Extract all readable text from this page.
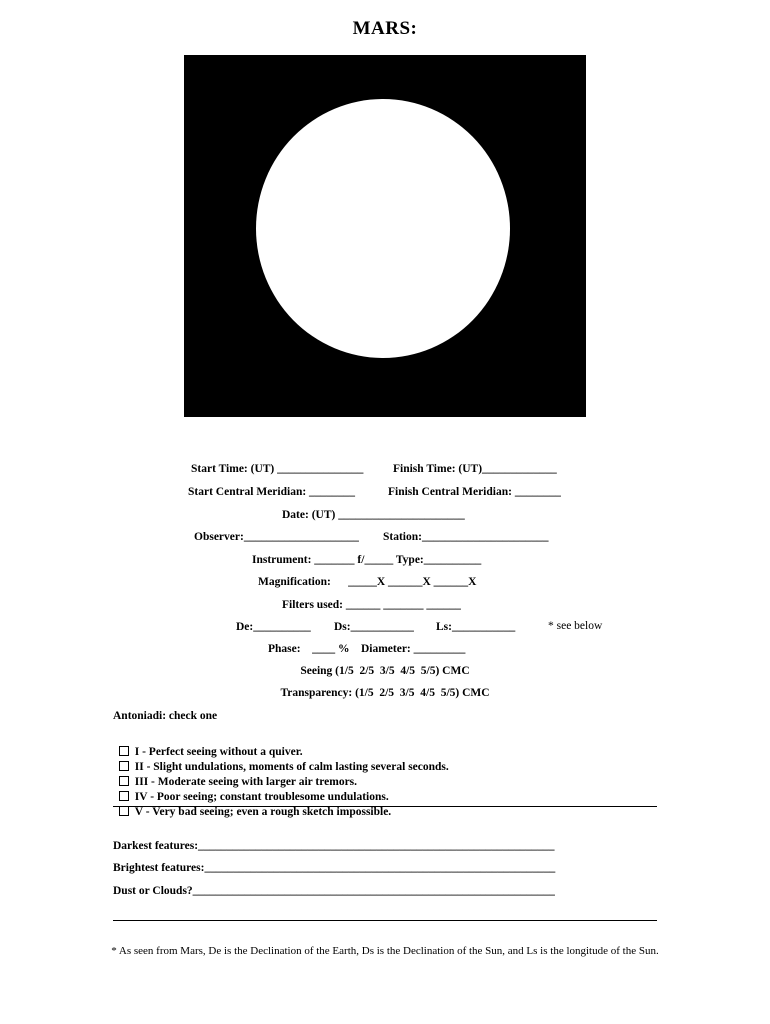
MARS:
Start Time: (UT) _______________	Finish Time: (UT)_____________
Start Central Meridian: ________	Finish Central Meridian: ________
Date: (UT) ______________________
Observer:____________________ Station:______________________
Instrument: _______ f/_____ Type:__________
Magnification:      _____X ______X ______X
Filters used: ______ _______ ______
De:__________ Ds:___________ Ls:___________	* see below
Phase:    ____ %    Diameter: _________
Seeing (1/5  2/5  3/5  4/5  5/5) CMC
Transparency: (1/5  2/5  3/5  4/5  5/5) CMC
Antoniadi: check one

I - Perfect seeing without a quiver.

II - Slight undulations, moments of calm lasting several seconds.

III - Moderate seeing with larger air tremors.

IV - Poor seeing; constant troublesome undulations.

V - Very bad seeing; even a rough sketch impossible.

Darkest features:______________________________________________________________
Brightest features:_____________________________________________________________
Dust or Clouds?_______________________________________________________________
* As seen from Mars, De is the Declination of the Earth, Ds is the Declination of the Sun, and Ls is the longitude of the Sun.
